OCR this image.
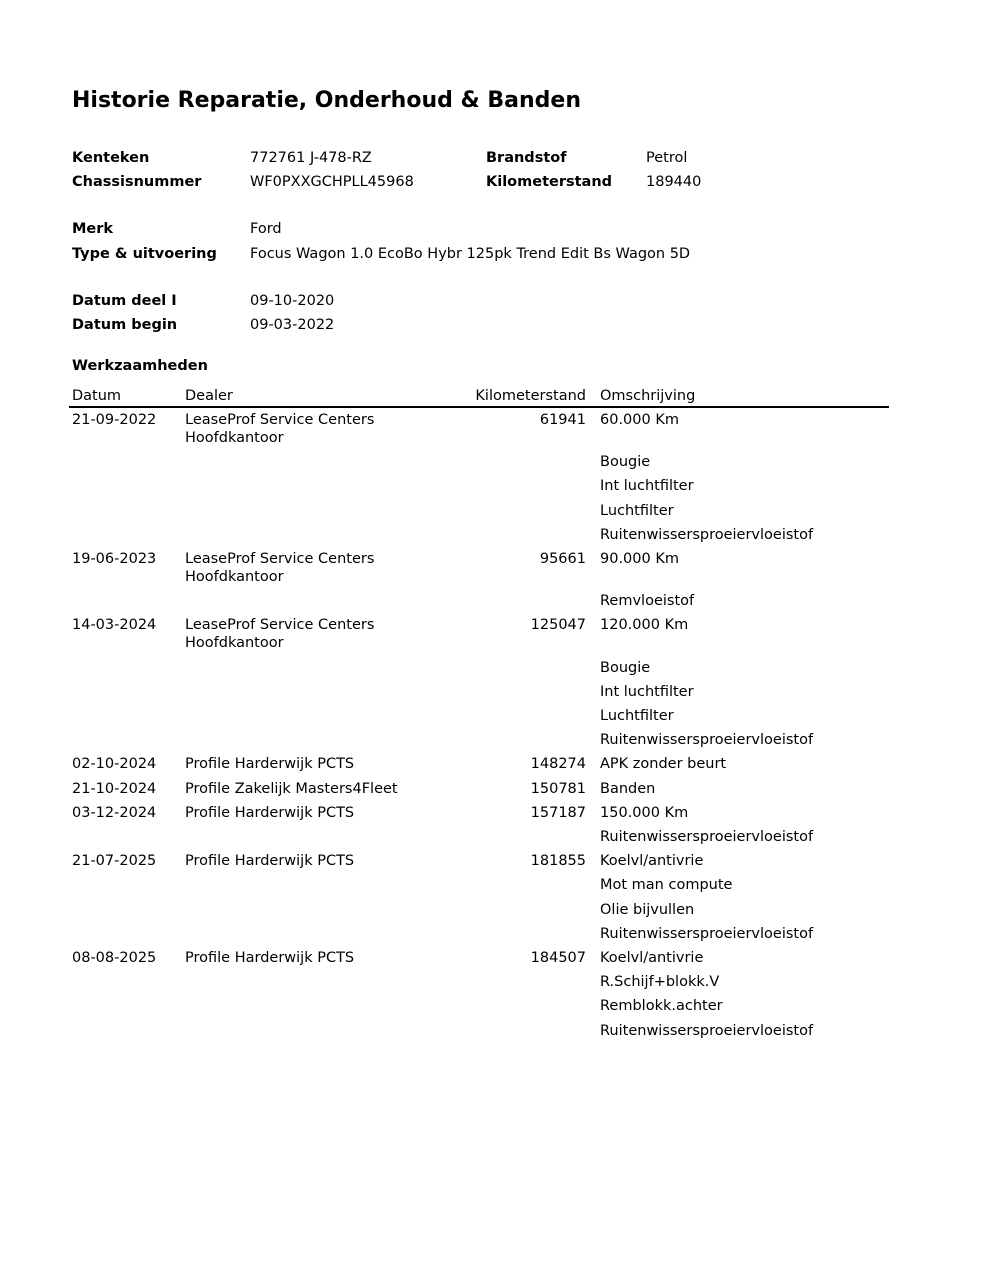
Historie Reparatie, Onderhoud & Banden
Kenteken	772761 J-478-RZ	Brandstof	Petrol
Chassisnummer	WF0PXXGCHPLL45968	Kilometerstand 189440
Merk	Ford
Type & uitvoering Focus Wagon 1.0 EcoBo Hybr 125pk Trend Edit Bs Wagon 5D
Datum deel I	09-10-2020
Datum begin	09-03-2022
Werkzaamheden
Datum	Dealer	Kilometerstand Omschrijving
21-09-2022 LeaseProf Service Centers
Hoofdkantoor
61941 60.000 Km
Bougie
Int luchtfilter
Luchtfilter
Ruitenwissersproeiervloeistof
19-06-2023 LeaseProf Service Centers
Hoofdkantoor
95661 90.000 Km
Remvloeistof
14-03-2024 LeaseProf Service Centers
Hoofdkantoor
125047 120.000 Km
Bougie
Int luchtfilter
Luchtfilter
Ruitenwissersproeiervloeistof
02-10-2024 Profile Harderwijk PCTS	148274 APK zonder beurt
21-10-2024 Profile Zakelijk Masters4Fleet	150781 Banden
03-12-2024 Profile Harderwijk PCTS	157187 150.000 Km
Ruitenwissersproeiervloeistof
21-07-2025 Profile Harderwijk PCTS	181855 Koelvl/antivrie
Mot man compute
Olie bijvullen
Ruitenwissersproeiervloeistof
08-08-2025 Profile Harderwijk PCTS	184507 Koelvl/antivrie
R.Schijf+blokk.V
Remblokk.achter
Ruitenwissersproeiervloeistof
